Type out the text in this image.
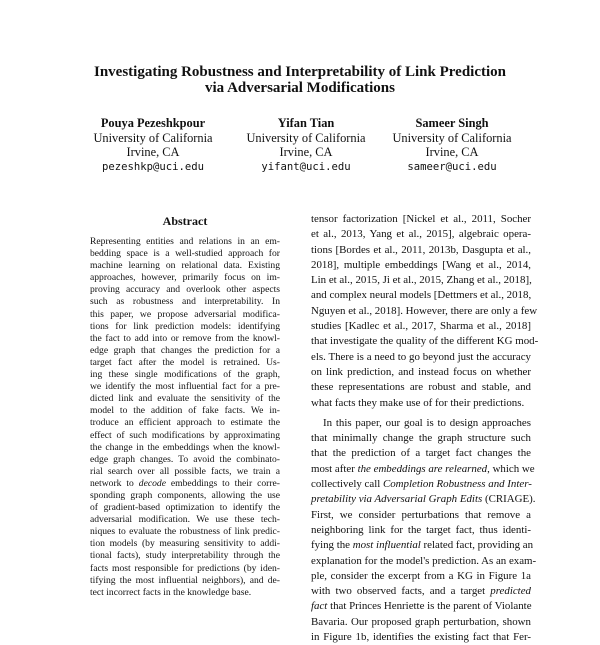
Investigating Robustness and Interpretability of Link Prediction
via Adversarial Modifications
Pouya Pezeshkpour
University of California
Irvine, CA
pezeshkp@uci.edu
Yifan Tian
University of California
Irvine, CA
yifant@uci.edu
Sameer Singh
University of California
Irvine, CA
sameer@uci.edu
Abstract
Representing entities and relations in an em-
bedding space is a well-studied approach for
machine learning on relational data. Existing
approaches, however, primarily focus on im-
proving accuracy and overlook other aspects
such as robustness and interpretability. In
this paper, we propose adversarial modifica-
tions for link prediction models: identifying
the fact to add into or remove from the knowl-
edge graph that changes the prediction for a
target fact after the model is retrained. Us-
ing these single modifications of the graph,
we identify the most influential fact for a pre-
dicted link and evaluate the sensitivity of the
model to the addition of fake facts. We in-
troduce an efficient approach to estimate the
effect of such modifications by approximating
the change in the embeddings when the knowl-
edge graph changes. To avoid the combinato-
rial search over all possible facts, we train a
network to decode embeddings to their corre-
sponding graph components, allowing the use
of gradient-based optimization to identify the
adversarial modification. We use these tech-
niques to evaluate the robustness of link predic-
tion models (by measuring sensitivity to addi-
tional facts), study interpretability through the
facts most responsible for predictions (by iden-
tifying the most influential neighbors), and de-
tect incorrect facts in the knowledge base.
tensor factorization [Nickel et al., 2011, Socher
et al., 2013, Yang et al., 2015], algebraic opera-
tions [Bordes et al., 2011, 2013b, Dasgupta et al.,
2018], multiple embeddings [Wang et al., 2014,
Lin et al., 2015, Ji et al., 2015, Zhang et al., 2018],
and complex neural models [Dettmers et al., 2018,
Nguyen et al., 2018]. However, there are only a few
studies [Kadlec et al., 2017, Sharma et al., 2018]
that investigate the quality of the different KG mod-
els. There is a need to go beyond just the accuracy
on link prediction, and instead focus on whether
these representations are robust and stable, and
what facts they make use of for their predictions.
In this paper, our goal is to design approaches
that minimally change the graph structure such
that the prediction of a target fact changes the
most after the embeddings are relearned, which we
collectively call Completion Robustness and Inter-
pretability via Adversarial Graph Edits (CRIAGE).
First, we consider perturbations that remove a
neighboring link for the target fact, thus identi-
fying the most influential related fact, providing an
explanation for the model's prediction. As an exam-
ple, consider the excerpt from a KG in Figure 1a
with two observed facts, and a target predicted
fact that Princes Henriette is the parent of Violante
Bavaria. Our proposed graph perturbation, shown
in Figure 1b, identifies the existing fact that Fer-
